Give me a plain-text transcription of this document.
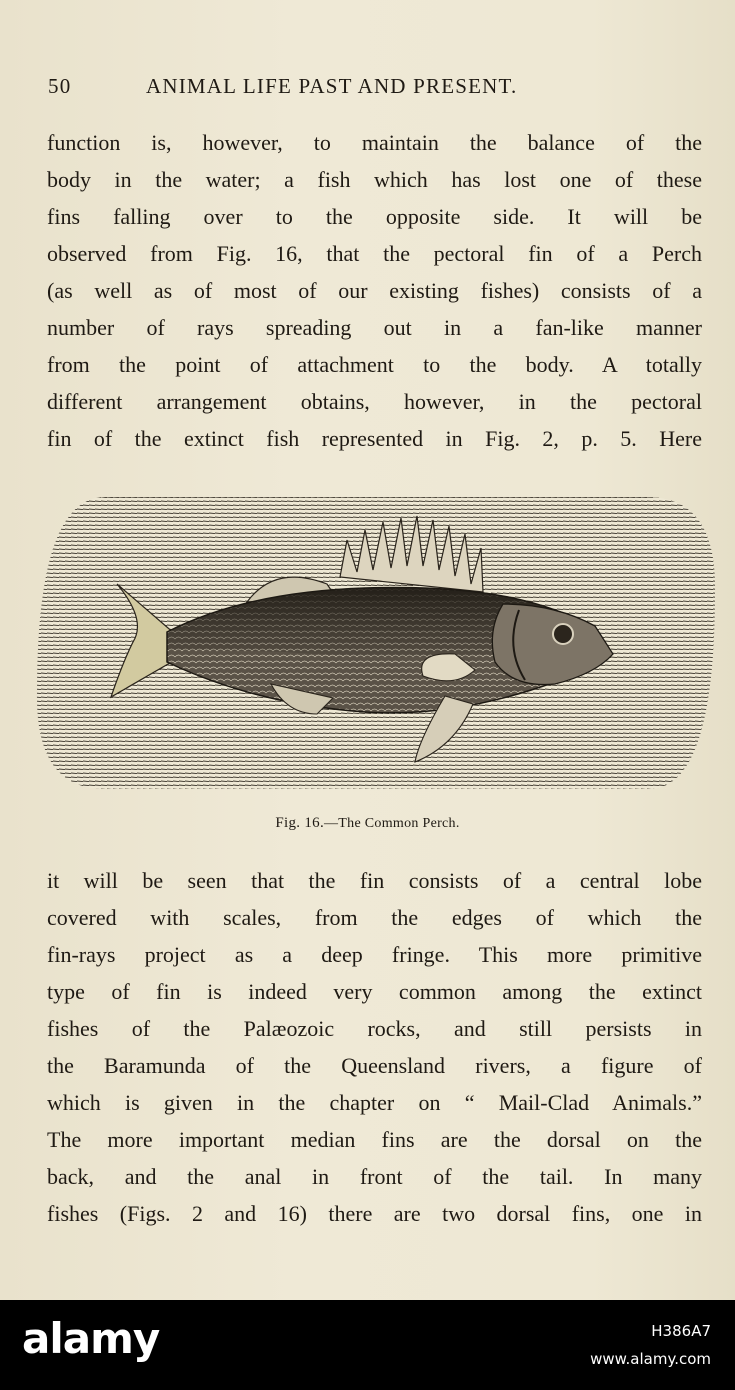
50	ANIMAL LIFE PAST AND PRESENT.
function is, however, to maintain the balance of the
body in the water; a fish which has lost one of these
fins falling over to the opposite side. It will be
observed from Fig. 16, that the pectoral fin of a Perch
(as well as of most of our existing fishes) consists of a
number of rays spreading out in a fan-like manner
from the point of attachment to the body. A totally
different arrangement obtains, however, in the pectoral
fin of the extinct fish represented in Fig. 2, p. 5. Here
Fig. 16.—The Common Perch.
it will be seen that the fin consists of a central lobe
covered with scales, from the edges of which the
fin-rays project as a deep fringe. This more primitive
type of fin is indeed very common among the extinct
fishes of the Palæozoic rocks, and still persists in
the Baramunda of the Queensland rivers, a figure of
which is given in the chapter on “ Mail-Clad Animals.”
The more important median fins are the dorsal on the
back, and the anal in front of the tail. In many
fishes (Figs. 2 and 16) there are two dorsal fins, one in
alamy	H386A7
www.alamy.com
